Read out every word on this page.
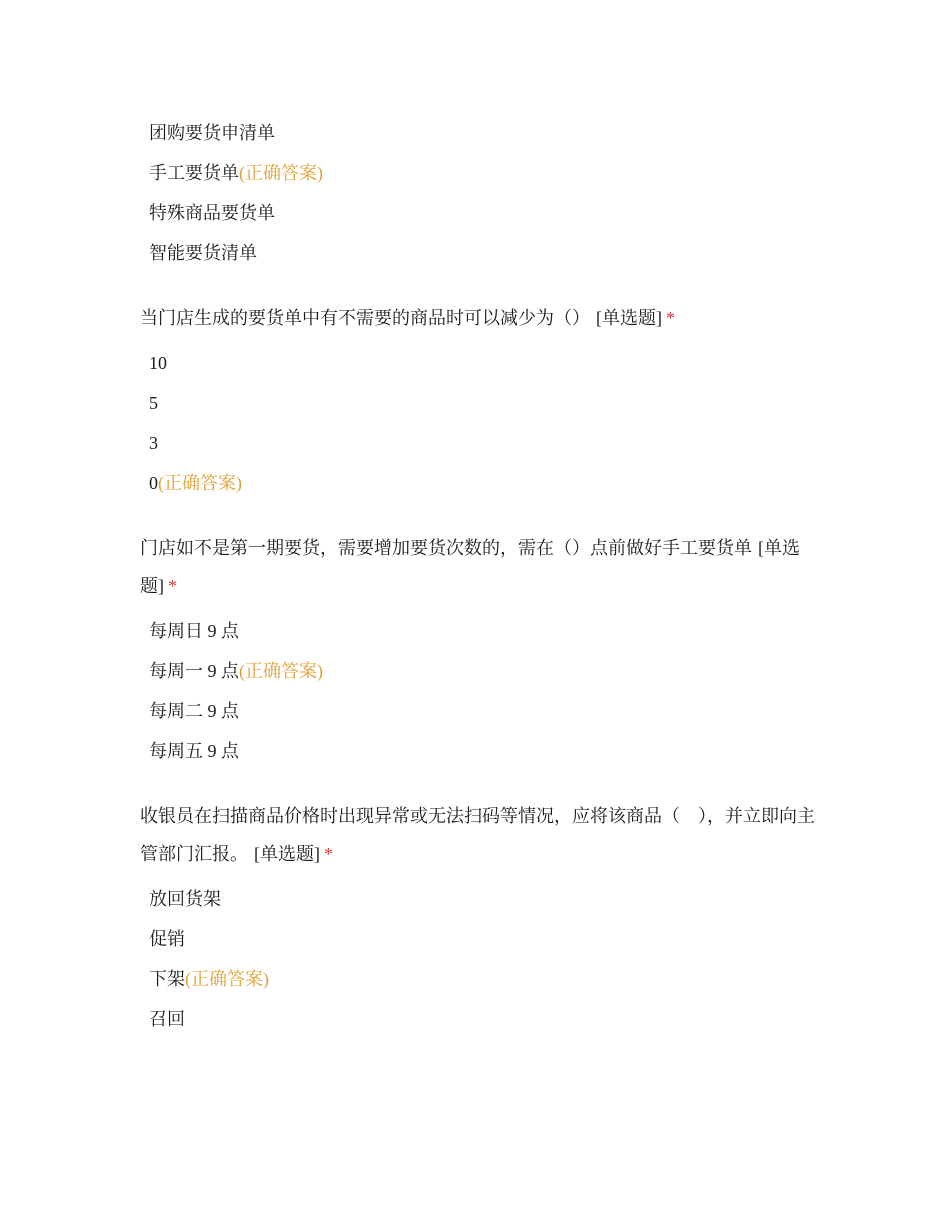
团购要货申清单
手工要货单(正确答案)
特殊商品要货单
智能要货清单

当门店生成的要货单中有不需要的商品时可以减少为（） [单选题] *

10
5
3
0(正确答案)

门店如不是第一期要货，需要增加要货次数的，需在（）点前做好手工要货单 [单选题] *

每周日 9 点
每周一 9 点(正确答案)
每周二 9 点
每周五 9 点

收银员在扫描商品价格时出现异常或无法扫码等情况，应将该商品（　），并立即向主管部门汇报。 [单选题] *

放回货架
促销
下架(正确答案)
召回
